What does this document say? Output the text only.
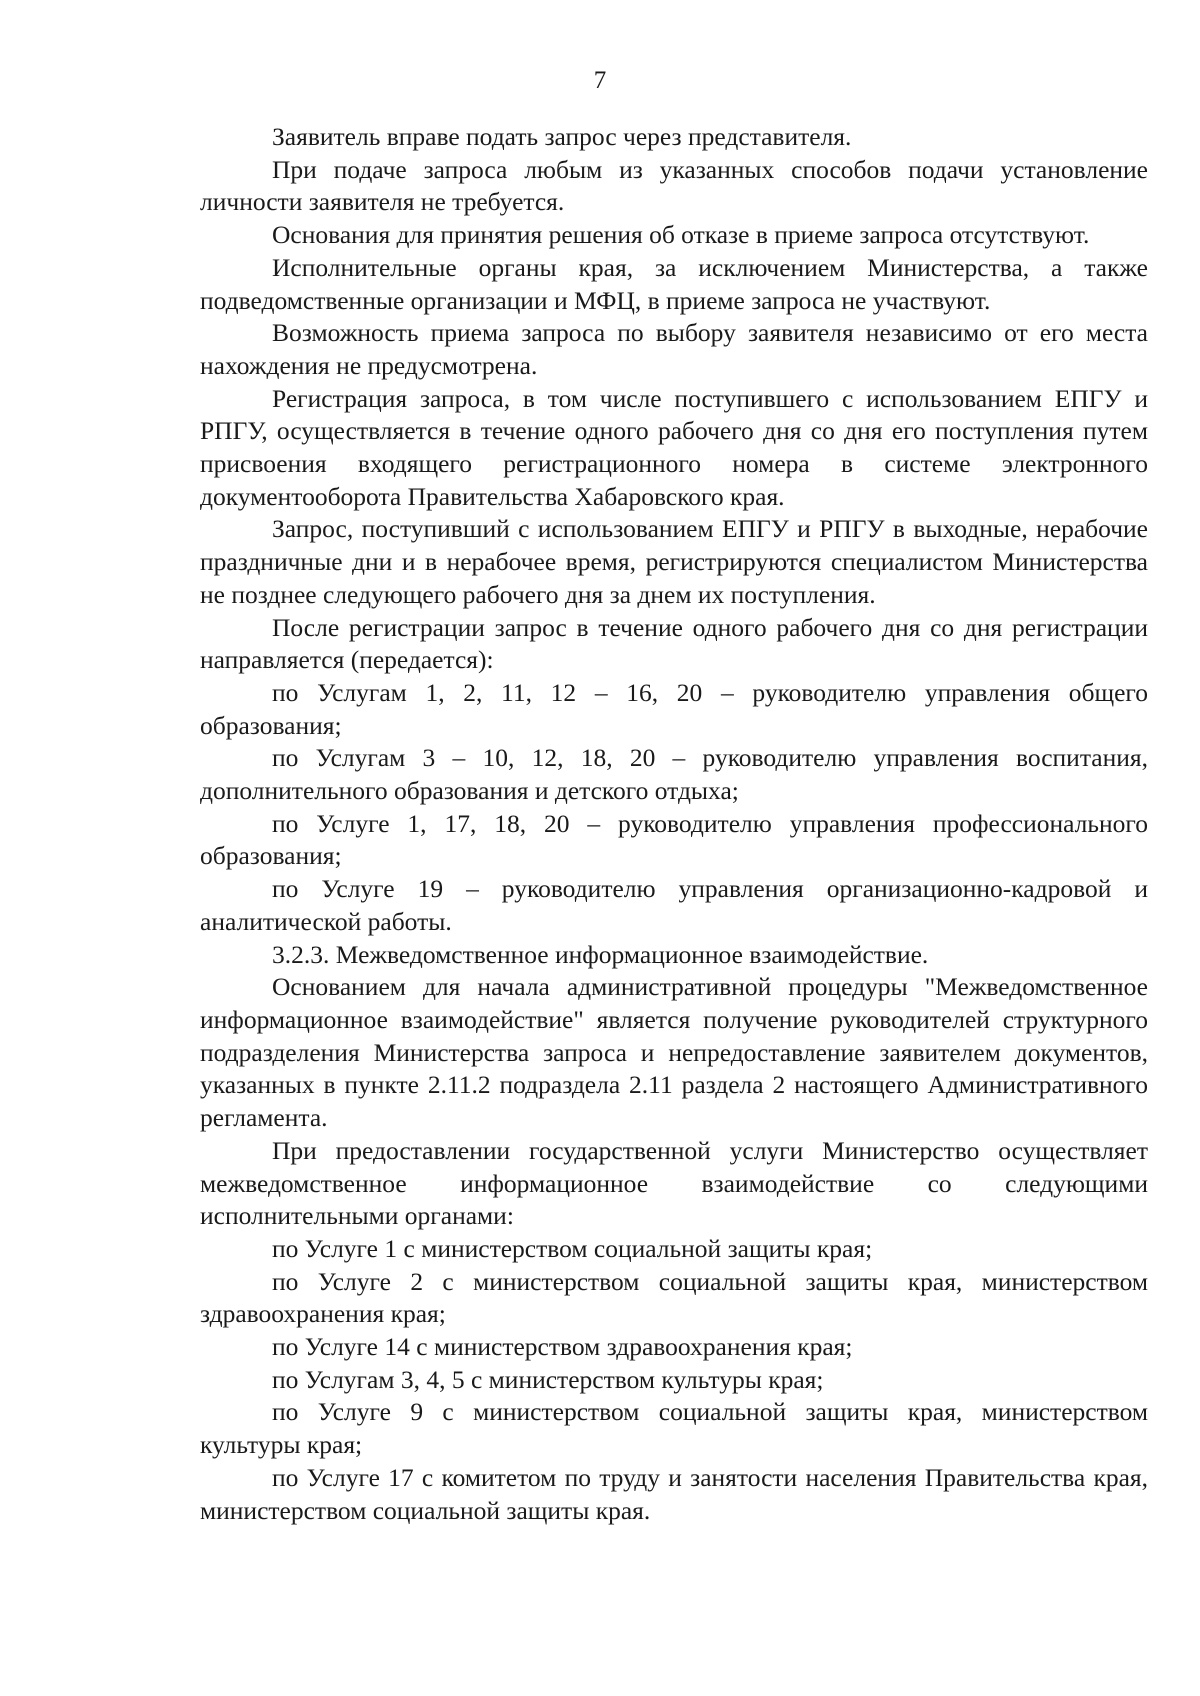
7

Заявитель вправе подать запрос через представителя.

При подаче запроса любым из указанных способов подачи установление личности заявителя не требуется.

Основания для принятия решения об отказе в приеме запроса отсутствуют.

Исполнительные органы края, за исключением Министерства, а также подведомственные организации и МФЦ, в приеме запроса не участвуют.

Возможность приема запроса по выбору заявителя независимо от его места нахождения не предусмотрена.

Регистрация запроса, в том числе поступившего с использованием ЕПГУ и РПГУ, осуществляется в течение одного рабочего дня со дня его поступления путем присвоения входящего регистрационного номера в системе электронного документооборота Правительства Хабаровского края.

Запрос, поступивший с использованием ЕПГУ и РПГУ в выходные, нерабочие праздничные дни и в нерабочее время, регистрируются специалистом Министерства не позднее следующего рабочего дня за днем их поступления.

После регистрации запрос в течение одного рабочего дня со дня регистрации направляется (передается):

по Услугам 1, 2, 11, 12 – 16, 20 – руководителю управления общего образования;

по Услугам 3 – 10, 12, 18, 20 – руководителю управления воспитания, дополнительного образования и детского отдыха;

по Услуге 1, 17, 18, 20 – руководителю управления профессионального образования;

по Услуге 19 – руководителю управления организационно-кадровой и аналитической работы.

3.2.3. Межведомственное информационное взаимодействие.

Основанием для начала административной процедуры "Межведомственное информационное взаимодействие" является получение руководителей структурного подразделения Министерства запроса и непредоставление заявителем документов, указанных в пункте 2.11.2 подраздела 2.11 раздела 2 настоящего Административного регламента.

При предоставлении государственной услуги Министерство осуществляет межведомственное информационное взаимодействие со следующими исполнительными органами:

по Услуге 1 с министерством социальной защиты края;

по Услуге 2 с министерством социальной защиты края, министерством здравоохранения края;

по Услуге 14 с министерством здравоохранения края;

по Услугам 3, 4, 5 с министерством культуры края;

по Услуге 9 с министерством социальной защиты края, министерством культуры края;

по Услуге 17 с комитетом по труду и занятости населения Правительства края, министерством социальной защиты края.
